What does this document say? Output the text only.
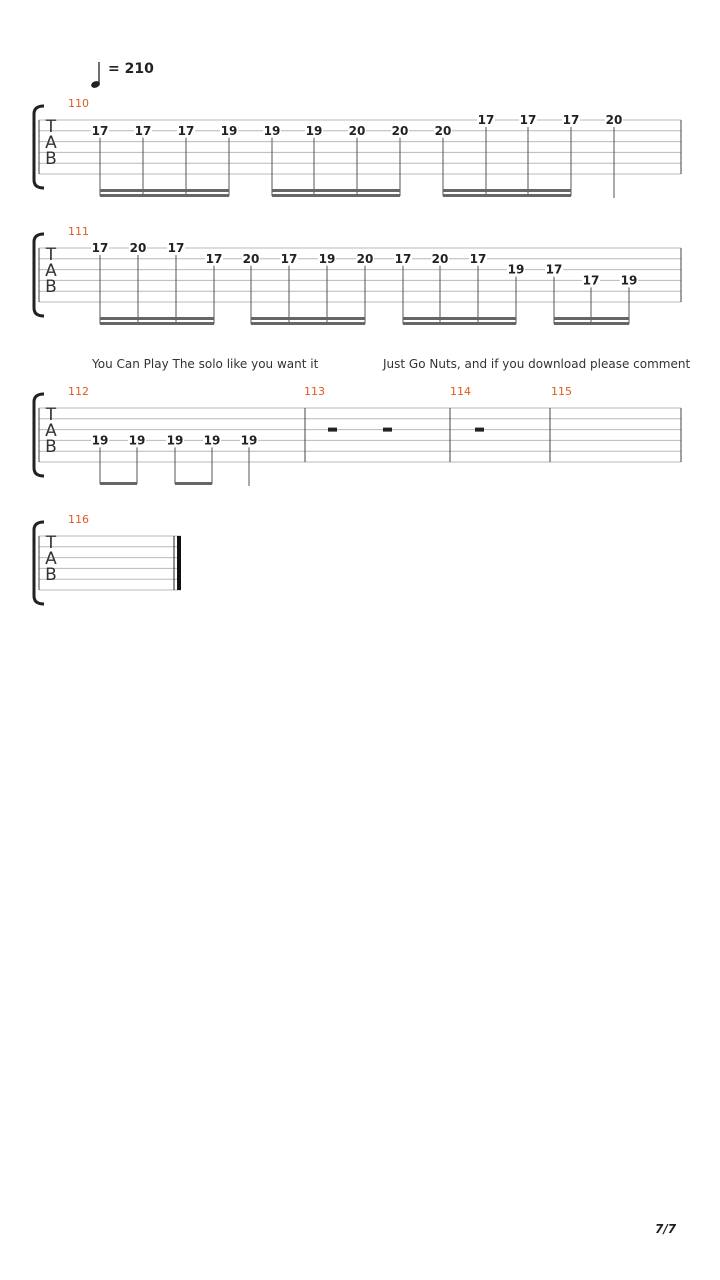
= 210
T
A
B
T
A
B
T
A
B
T
A
B
110
111
112	113	114	115
116
17 17 17 19 19 19 20 20 20
17 17 17 20
17 20 17
17 20 17 19 20 17 20 17
19 17
17 19
19 19 19 19 19
You Can Play The solo like you want it	Just Go Nuts, and if you download please comment
7/7
